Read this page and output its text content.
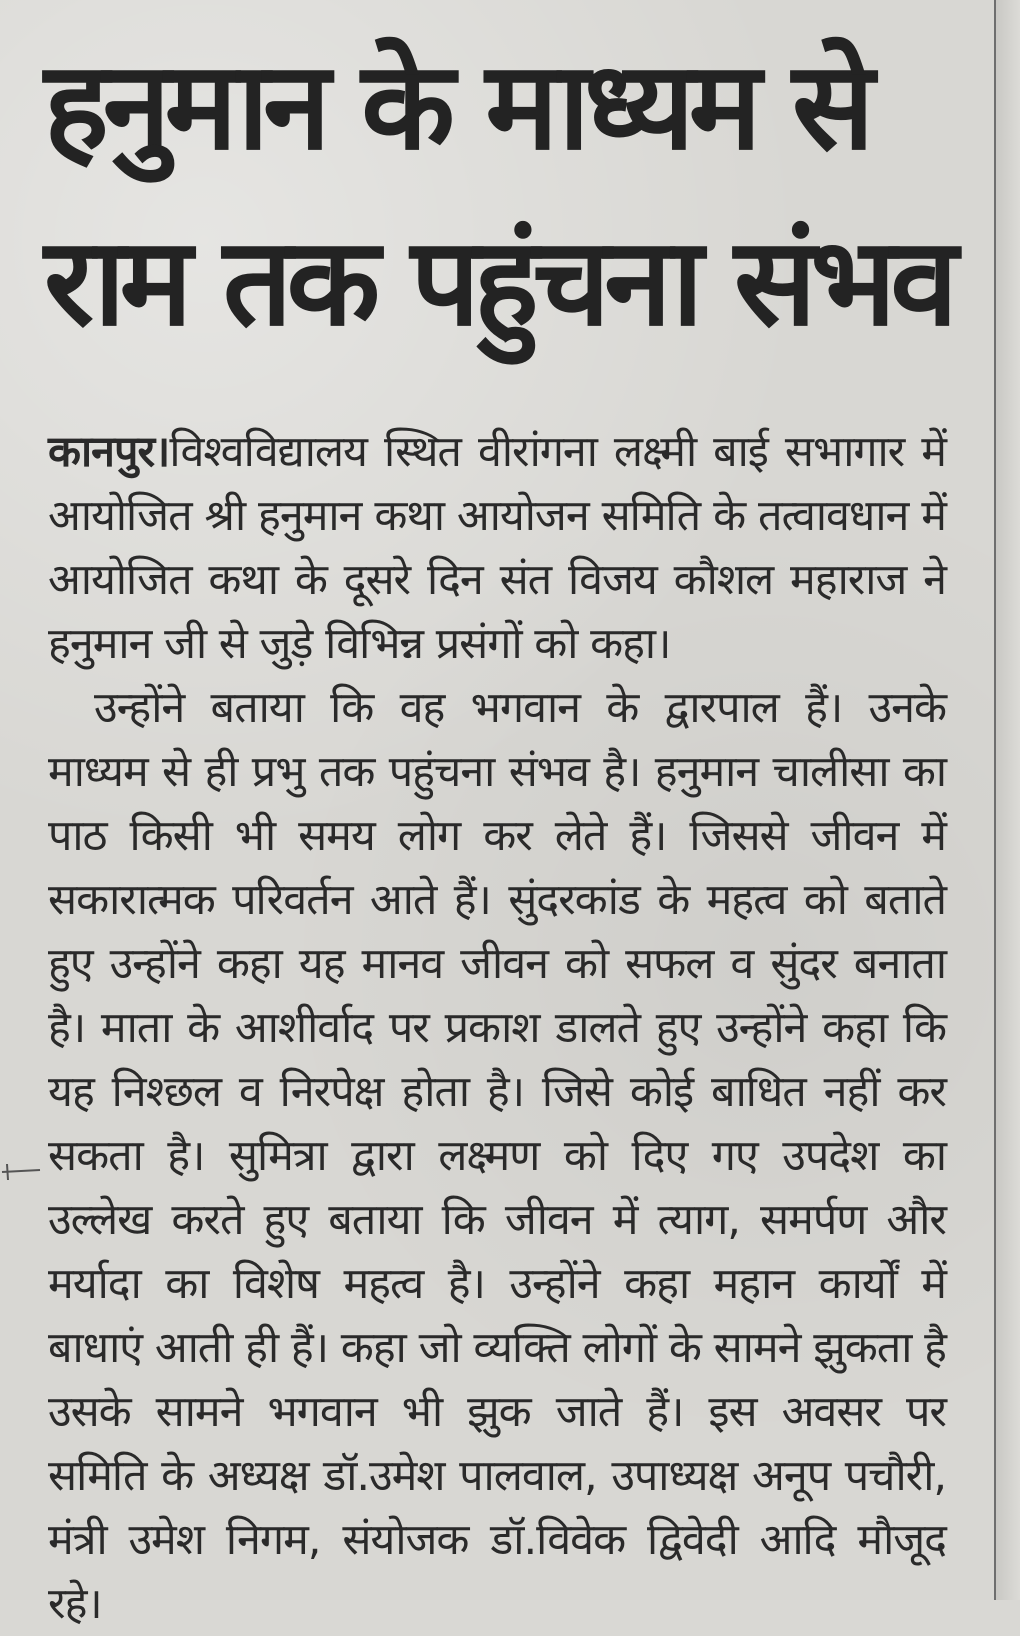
हनुमान के माध्यम से
राम तक पहुंचना संभव

कानपुर।विश्वविद्यालय स्थित वीरांगना लक्ष्मी बाई सभागार में आयोजित श्री हनुमान कथा आयोजन समिति के तत्वावधान में आयोजित कथा के दूसरे दिन संत विजय कौशल महाराज ने हनुमान जी से जुड़े विभिन्न प्रसंगों को कहा।

उन्होंने बताया कि वह भगवान के द्वारपाल हैं। उनके माध्यम से ही प्रभु तक पहुंचना संभव है। हनुमान चालीसा का पाठ किसी भी समय लोग कर लेते हैं। जिससे जीवन में सकारात्मक परिवर्तन आते हैं। सुंदरकांड के महत्व को बताते हुए उन्होंने कहा यह मानव जीवन को सफल व सुंदर बनाता है। माता के आशीर्वाद पर प्रकाश डालते हुए उन्होंने कहा कि यह निश्छल व निरपेक्ष होता है। जिसे कोई बाधित नहीं कर सकता है। सुमित्रा द्वारा लक्ष्मण को दिए गए उपदेश का उल्लेख करते हुए बताया कि जीवन में त्याग, समर्पण और मर्यादा का विशेष महत्व है। उन्होंने कहा महान कार्यों में बाधाएं आती ही हैं। कहा जो व्यक्ति लोगों के सामने झुकता है उसके सामने भगवान भी झुक जाते हैं। इस अवसर पर समिति के अध्यक्ष डॉ.उमेश पालवाल, उपाध्यक्ष अनूप पचौरी, मंत्री उमेश निगम, संयोजक डॉ.विवेक द्विवेदी आदि मौजूद रहे।
